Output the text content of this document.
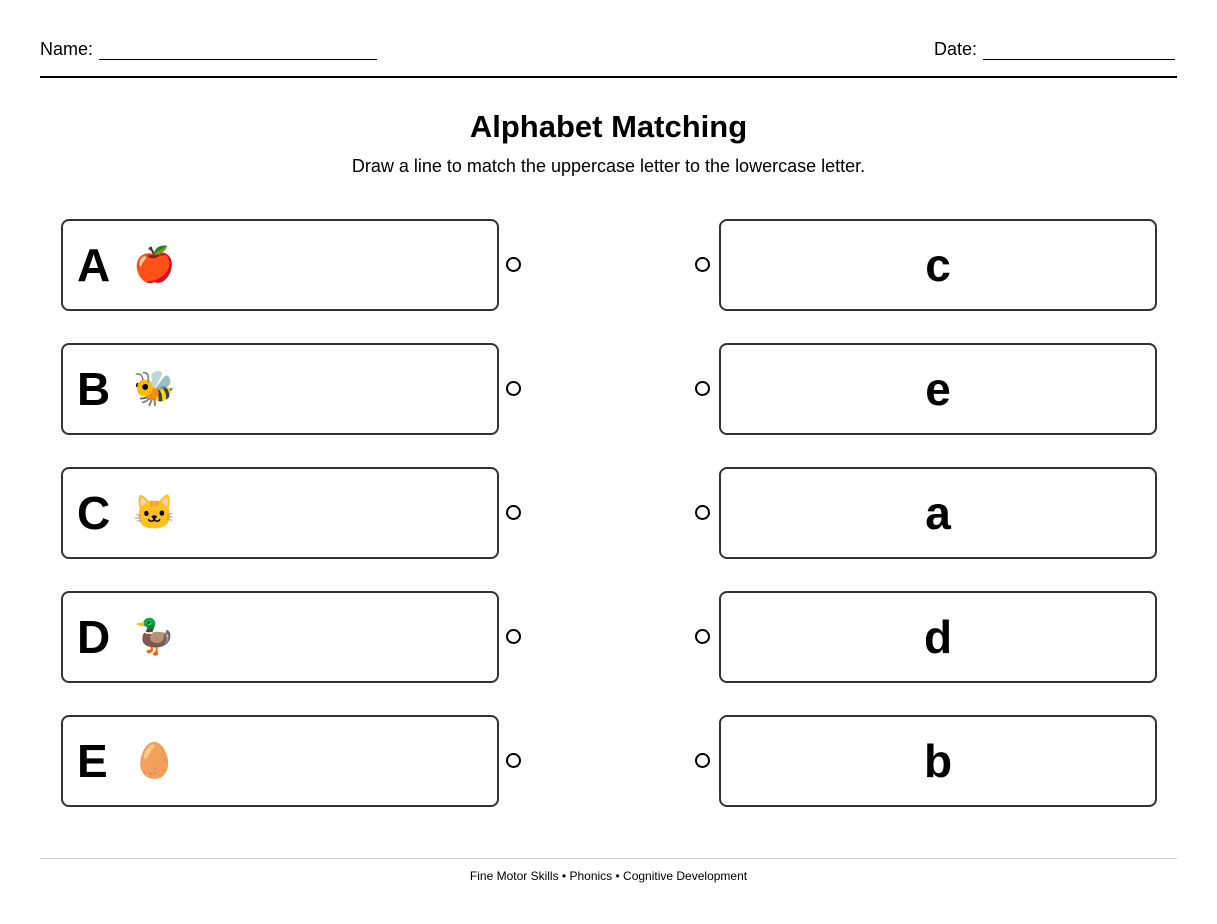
Name:	Date:
Alphabet Matching
Draw a line to match the uppercase letter to the lowercase letter.
A 🍎	c
B 🐝	e
C 🐱	a
D 🦆	d
E 🥚	b
Fine Motor Skills • Phonics • Cognitive Development
